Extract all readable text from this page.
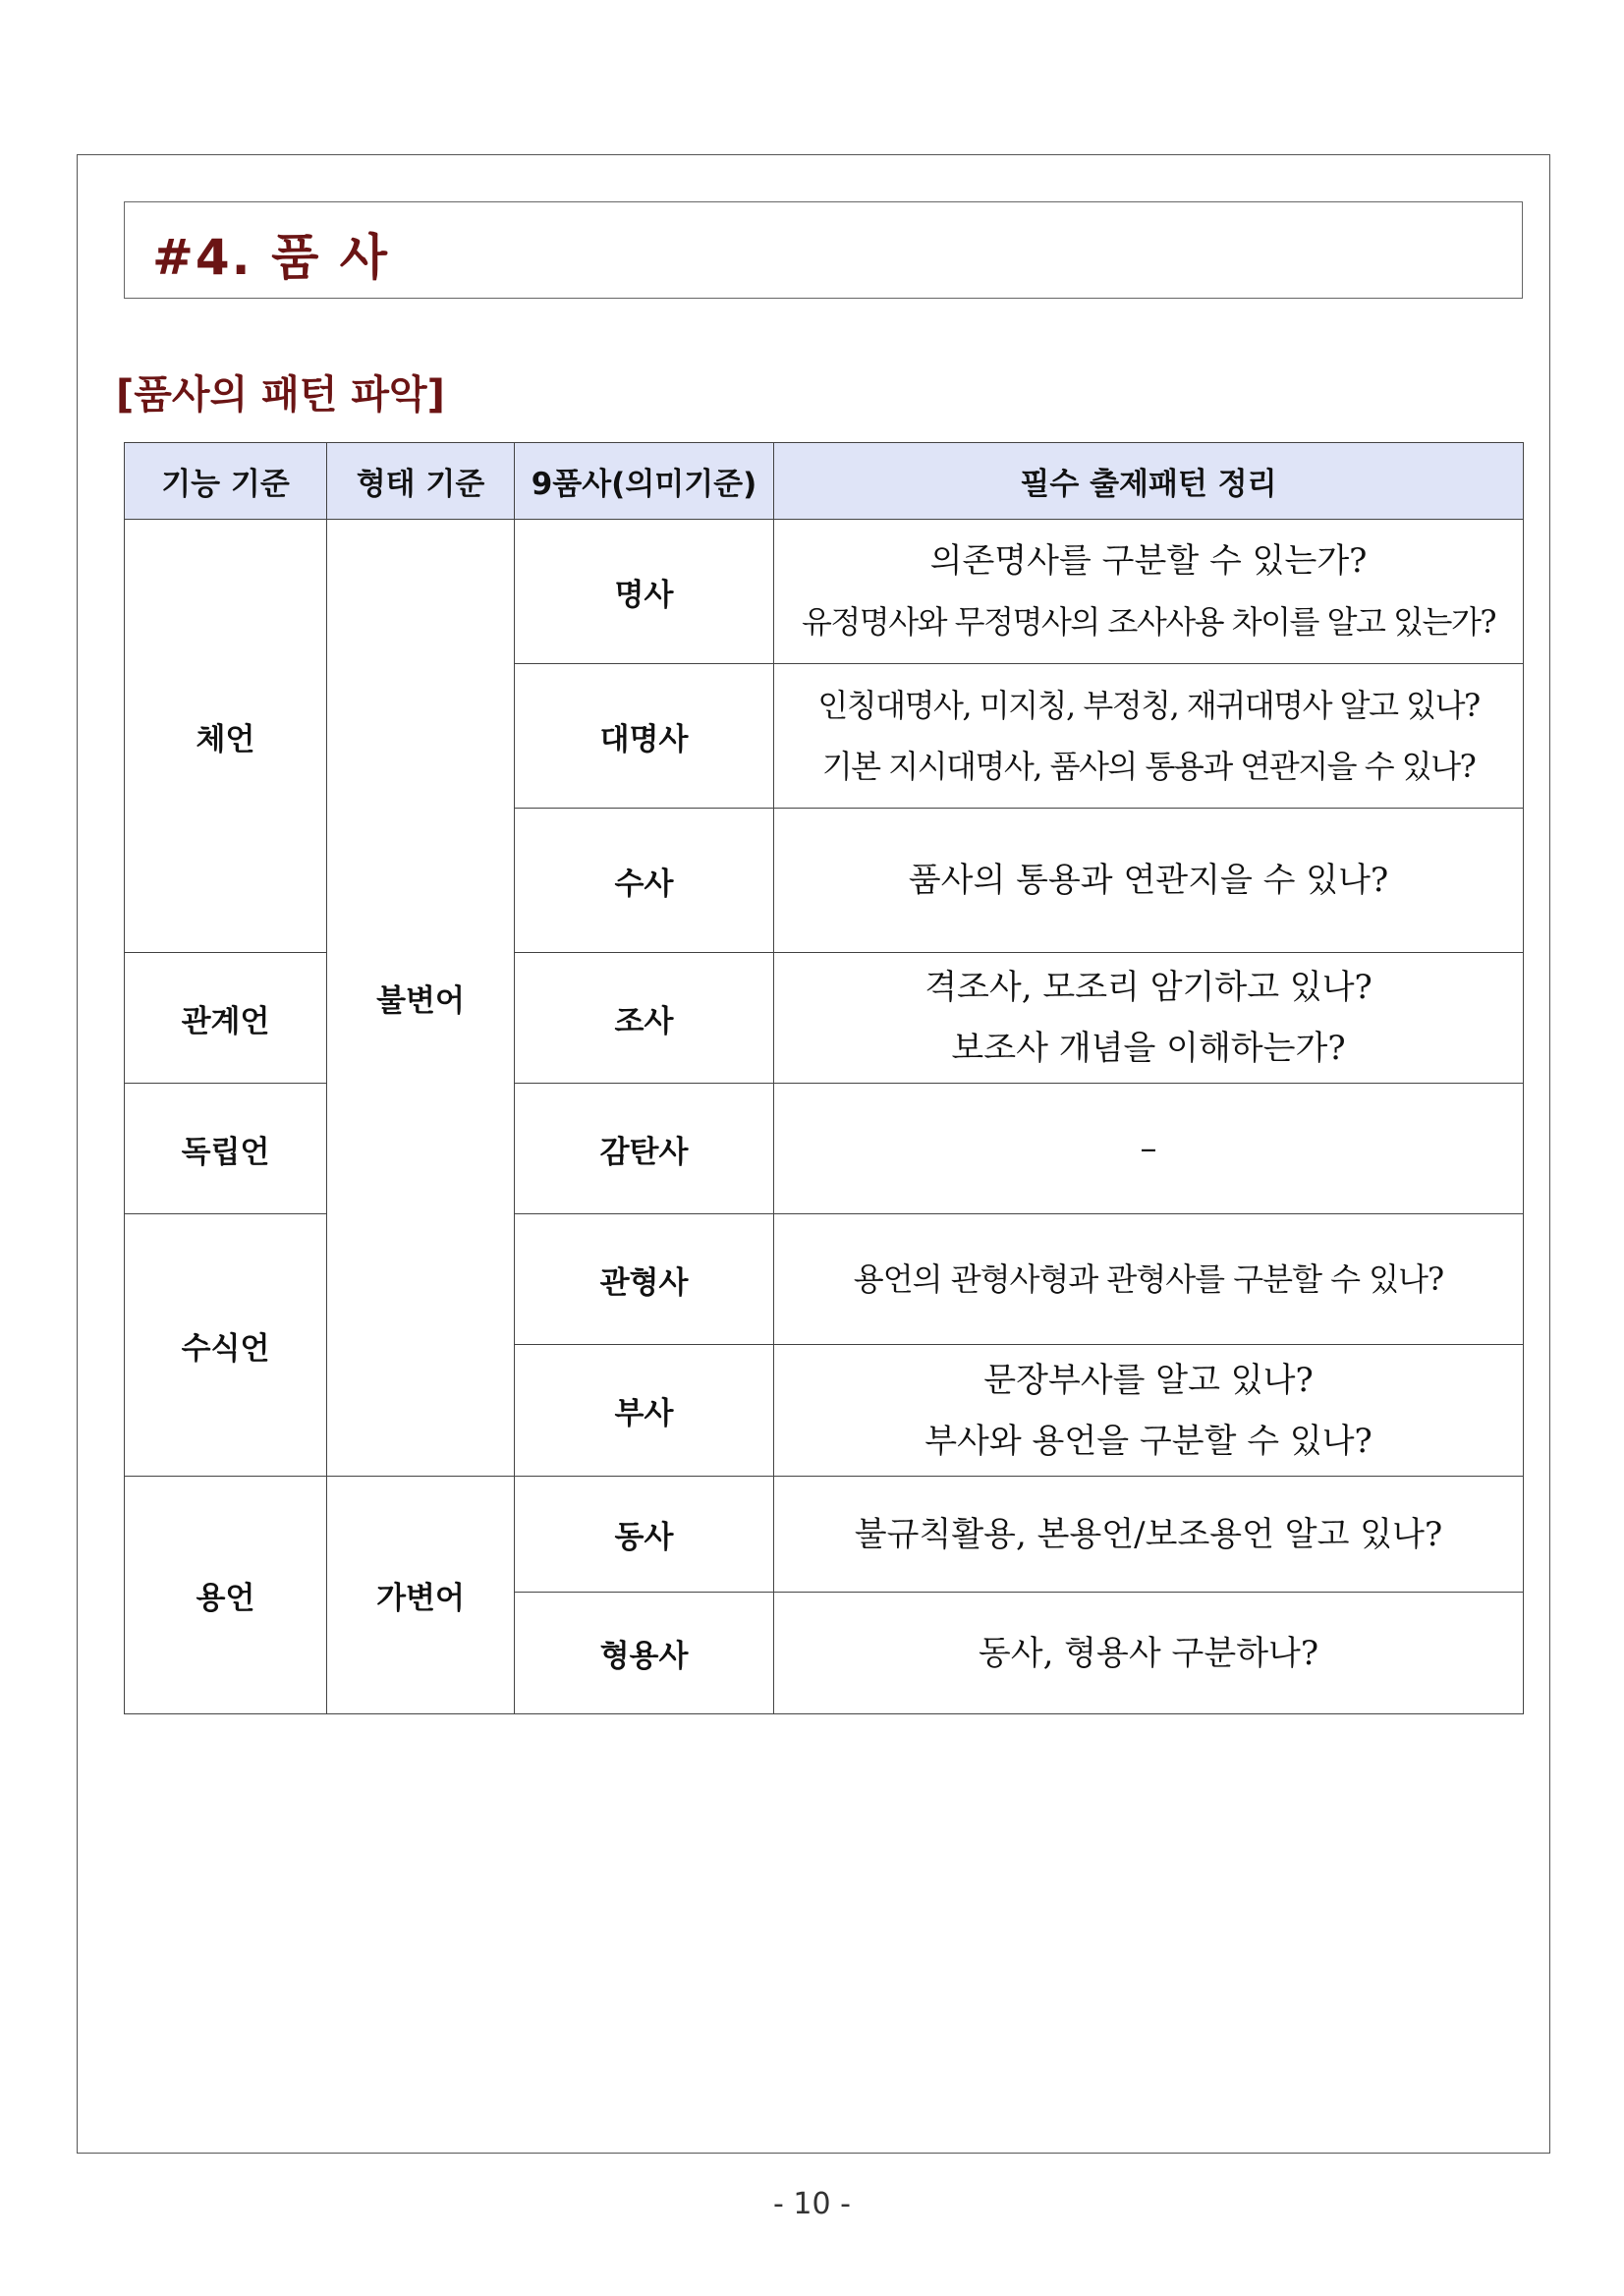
#4. 품 사
[품사의 패턴 파악]
기능 기준	형태 기준	9품사(의미기준)	필수 출제패턴 정리
체언	불변어	명사	의존명사를 구분할 수 있는가?
유정명사와 무정명사의 조사사용 차이를 알고 있는가?

		대명사	인칭대명사, 미지칭, 부정칭, 재귀대명사 알고 있나?
기본 지시대명사, 품사의 통용과 연관지을 수 있나?

		수사	품사의 통용과 연관지을 수 있나?

관계언		조사	격조사, 모조리 암기하고 있나?
보조사 개념을 이해하는가?

독립언		감탄사	–

수식언		관형사	용언의 관형사형과 관형사를 구분할 수 있나?

		부사	문장부사를 알고 있나?
부사와 용언을 구분할 수 있나?

용언	가변어	동사	불규칙활용, 본용언/보조용언 알고 있나?

		형용사	동사, 형용사 구분하나?
- 10 -
